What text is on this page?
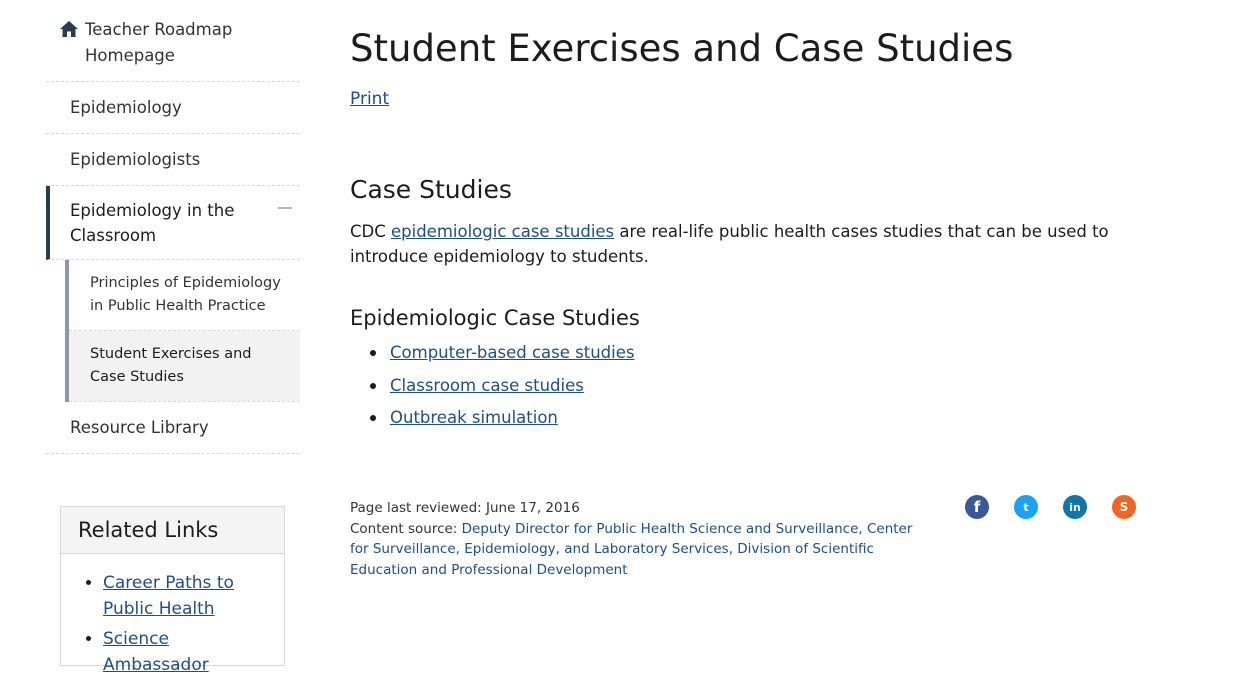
Teacher Roadmap
Homepage
Epidemiology
Epidemiologists
Epidemiology in the
Classroom
Principles of Epidemiology
in Public Health Practice
Student Exercises and
Case Studies
Resource Library
Related Links
• Career Paths to
Public Health
• Science Ambassador
Student Exercises and Case Studies
Print
Case Studies

CDC epidemiologic case studies are real-life public health cases studies that can be used to introduce epidemiology to students.

Epidemiologic Case Studies
Computer-based case studies
Classroom case studies
Outbreak simulation
Page last reviewed: June 17, 2016
Content source: Deputy Director for Public Health Science and Surveillance, Center for Surveillance, Epidemiology, and Laboratory Services, Division of Scientific Education and Professional Development
f	t	in	S
